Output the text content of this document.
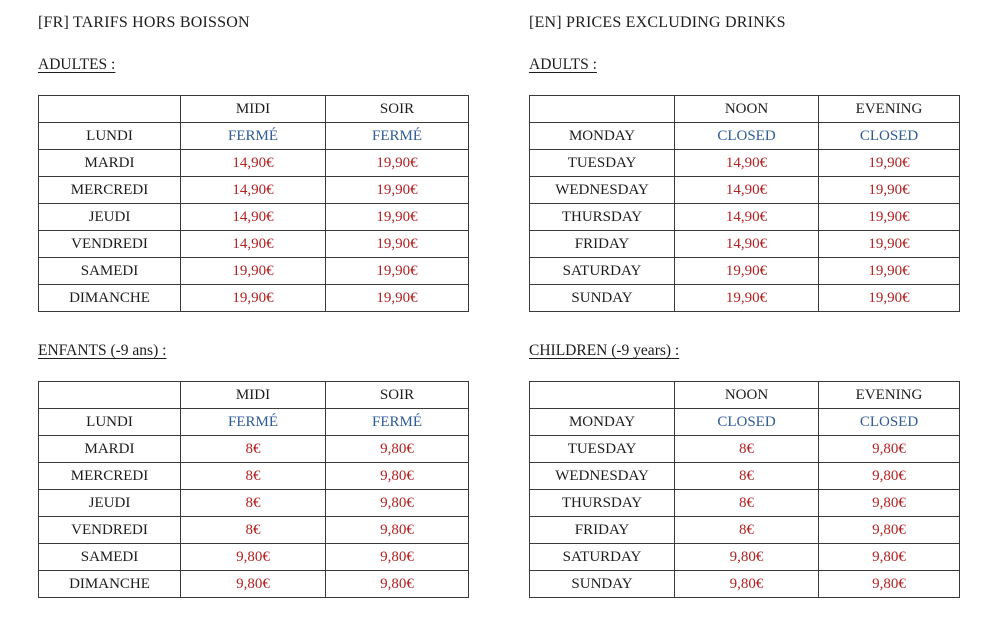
[FR] TARIFS HORS BOISSON
ADULTES :
	MIDI	SOIR
LUNDI	FERMÉ	FERMÉ
MARDI	14,90€	19,90€
MERCREDI	14,90€	19,90€
JEUDI	14,90€	19,90€
VENDREDI	14,90€	19,90€
SAMEDI	19,90€	19,90€
DIMANCHE	19,90€	19,90€
ENFANTS (-9 ans) :
	MIDI	SOIR
LUNDI	FERMÉ	FERMÉ
MARDI	8€	9,80€
MERCREDI	8€	9,80€
JEUDI	8€	9,80€
VENDREDI	8€	9,80€
SAMEDI	9,80€	9,80€
DIMANCHE	9,80€	9,80€
[EN] PRICES EXCLUDING DRINKS
ADULTS :
	NOON	EVENING
MONDAY	CLOSED	CLOSED
TUESDAY	14,90€	19,90€
WEDNESDAY	14,90€	19,90€
THURSDAY	14,90€	19,90€
FRIDAY	14,90€	19,90€
SATURDAY	19,90€	19,90€
SUNDAY	19,90€	19,90€
CHILDREN (-9 years) :
	NOON	EVENING
MONDAY	CLOSED	CLOSED
TUESDAY	8€	9,80€
WEDNESDAY	8€	9,80€
THURSDAY	8€	9,80€
FRIDAY	8€	9,80€
SATURDAY	9,80€	9,80€
SUNDAY	9,80€	9,80€
